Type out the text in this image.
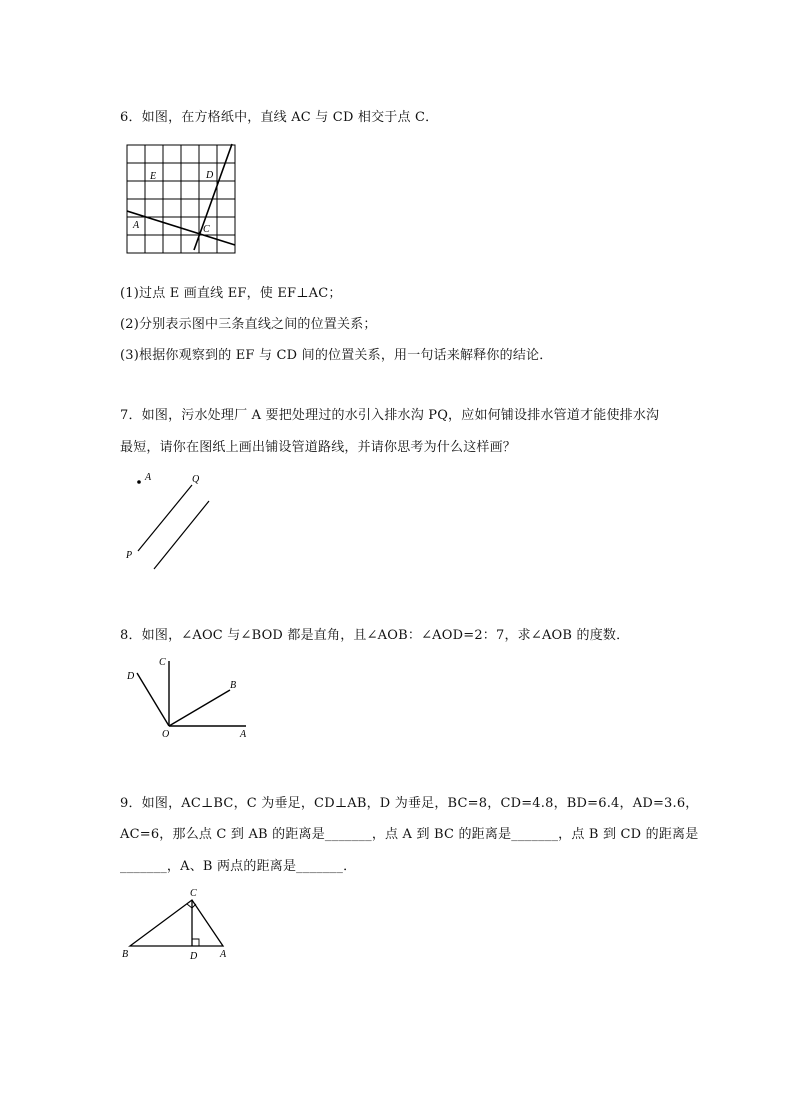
6．如图，在方格纸中，直线 AC 与 CD 相交于点 C．
E	D
A	C
(1)过点 E 画直线 EF，使 EF⊥AC；
(2)分别表示图中三条直线之间的位置关系；
(3)根据你观察到的 EF 与 CD 间的位置关系，用一句话来解释你的结论．
7．如图，污水处理厂 A 要把处理过的水引入排水沟 PQ，应如何铺设排水管道才能使排水沟
最短，请你在图纸上画出铺设管道路线，并请你思考为什么这样画？
A	Q
P
8．如图，∠AOC 与∠BOD 都是直角，且∠AOB：∠AOD=2：7，求∠AOB 的度数．
C
D
B
O	A
9．如图，AC⊥BC，C 为垂足，CD⊥AB，D 为垂足，BC=8，CD=4.8，BD=6.4，AD=3.6，
AC=6，那么点 C 到 AB 的距离是_______，点 A 到 BC 的距离是_______，点 B 到 CD 的距离是
_______，A、B 两点的距离是_______．
C
B	D A
